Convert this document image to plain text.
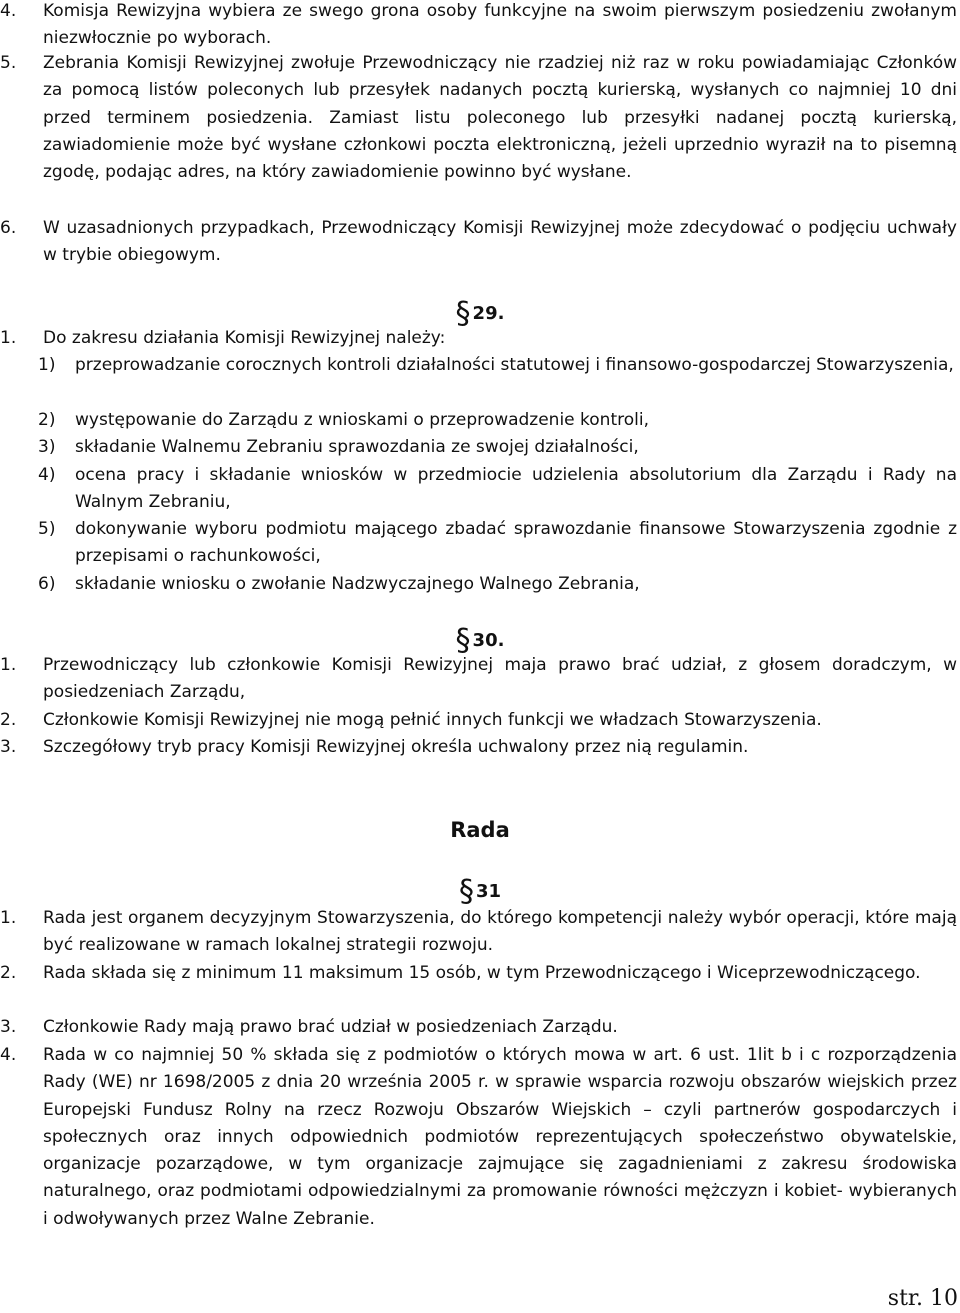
4.	Komisja Rewizyjna wybiera ze swego grona osoby funkcyjne na swoim pierwszym posiedzeniu zwołanym niezwłocznie po wyborach.
5.	Zebrania Komisji Rewizyjnej zwołuje Przewodniczący nie rzadziej niż raz w roku powiadamiając Członków za pomocą listów poleconych lub przesyłek nadanych pocztą kurierską, wysłanych co najmniej 10 dni przed terminem posiedzenia. Zamiast listu poleconego lub przesyłki nadanej pocztą kurierską, zawiadomienie może być wysłane członkowi poczta elektroniczną, jeżeli uprzednio wyraził na to pisemną zgodę, podając adres, na który zawiadomienie powinno być wysłane.
6.	W uzasadnionych przypadkach, Przewodniczący Komisji Rewizyjnej może zdecydować o podjęciu uchwały w trybie obiegowym.
§ 29.
1.	Do zakresu działania Komisji Rewizyjnej należy:
1)	przeprowadzanie corocznych kontroli działalności statutowej i finansowo-gospodarczej Stowarzyszenia,
2)	występowanie do Zarządu z wnioskami o przeprowadzenie kontroli,
3)	składanie Walnemu Zebraniu sprawozdania ze swojej działalności,
4)	ocena pracy i składanie wniosków w przedmiocie udzielenia absolutorium dla Zarządu i Rady na Walnym Zebraniu,
5)	dokonywanie wyboru podmiotu mającego zbadać sprawozdanie finansowe Stowarzyszenia zgodnie z przepisami o rachunkowości,
6)	składanie wniosku o zwołanie Nadzwyczajnego Walnego Zebrania,
§ 30.
1.	Przewodniczący lub członkowie Komisji Rewizyjnej maja prawo brać udział, z głosem doradczym, w posiedzeniach Zarządu,
2.	Członkowie Komisji Rewizyjnej nie mogą pełnić innych funkcji we władzach Stowarzyszenia.
3.	Szczegółowy tryb pracy Komisji Rewizyjnej określa uchwalony przez nią regulamin.
Rada
§ 31
1.	Rada jest organem decyzyjnym Stowarzyszenia, do którego kompetencji należy wybór operacji, które mają być realizowane w ramach lokalnej strategii rozwoju.
2.	Rada składa się z minimum 11 maksimum 15 osób, w tym Przewodniczącego i Wiceprzewodniczącego.
3.	Członkowie Rady mają prawo brać udział w posiedzeniach Zarządu.
4.	Rada w co najmniej 50 % składa się z podmiotów o których mowa w art. 6 ust. 1lit b i c rozporządzenia Rady (WE) nr 1698/2005 z dnia 20 września 2005 r. w sprawie wsparcia rozwoju obszarów wiejskich przez Europejski Fundusz Rolny na rzecz Rozwoju Obszarów Wiejskich – czyli partnerów gospodarczych i społecznych oraz innych odpowiednich podmiotów reprezentujących społeczeństwo obywatelskie, organizacje pozarządowe, w tym organizacje zajmujące się zagadnieniami z zakresu środowiska naturalnego, oraz podmiotami odpowiedzialnymi za promowanie równości mężczyzn i kobiet- wybieranych i odwoływanych przez Walne Zebranie.
str. 10
